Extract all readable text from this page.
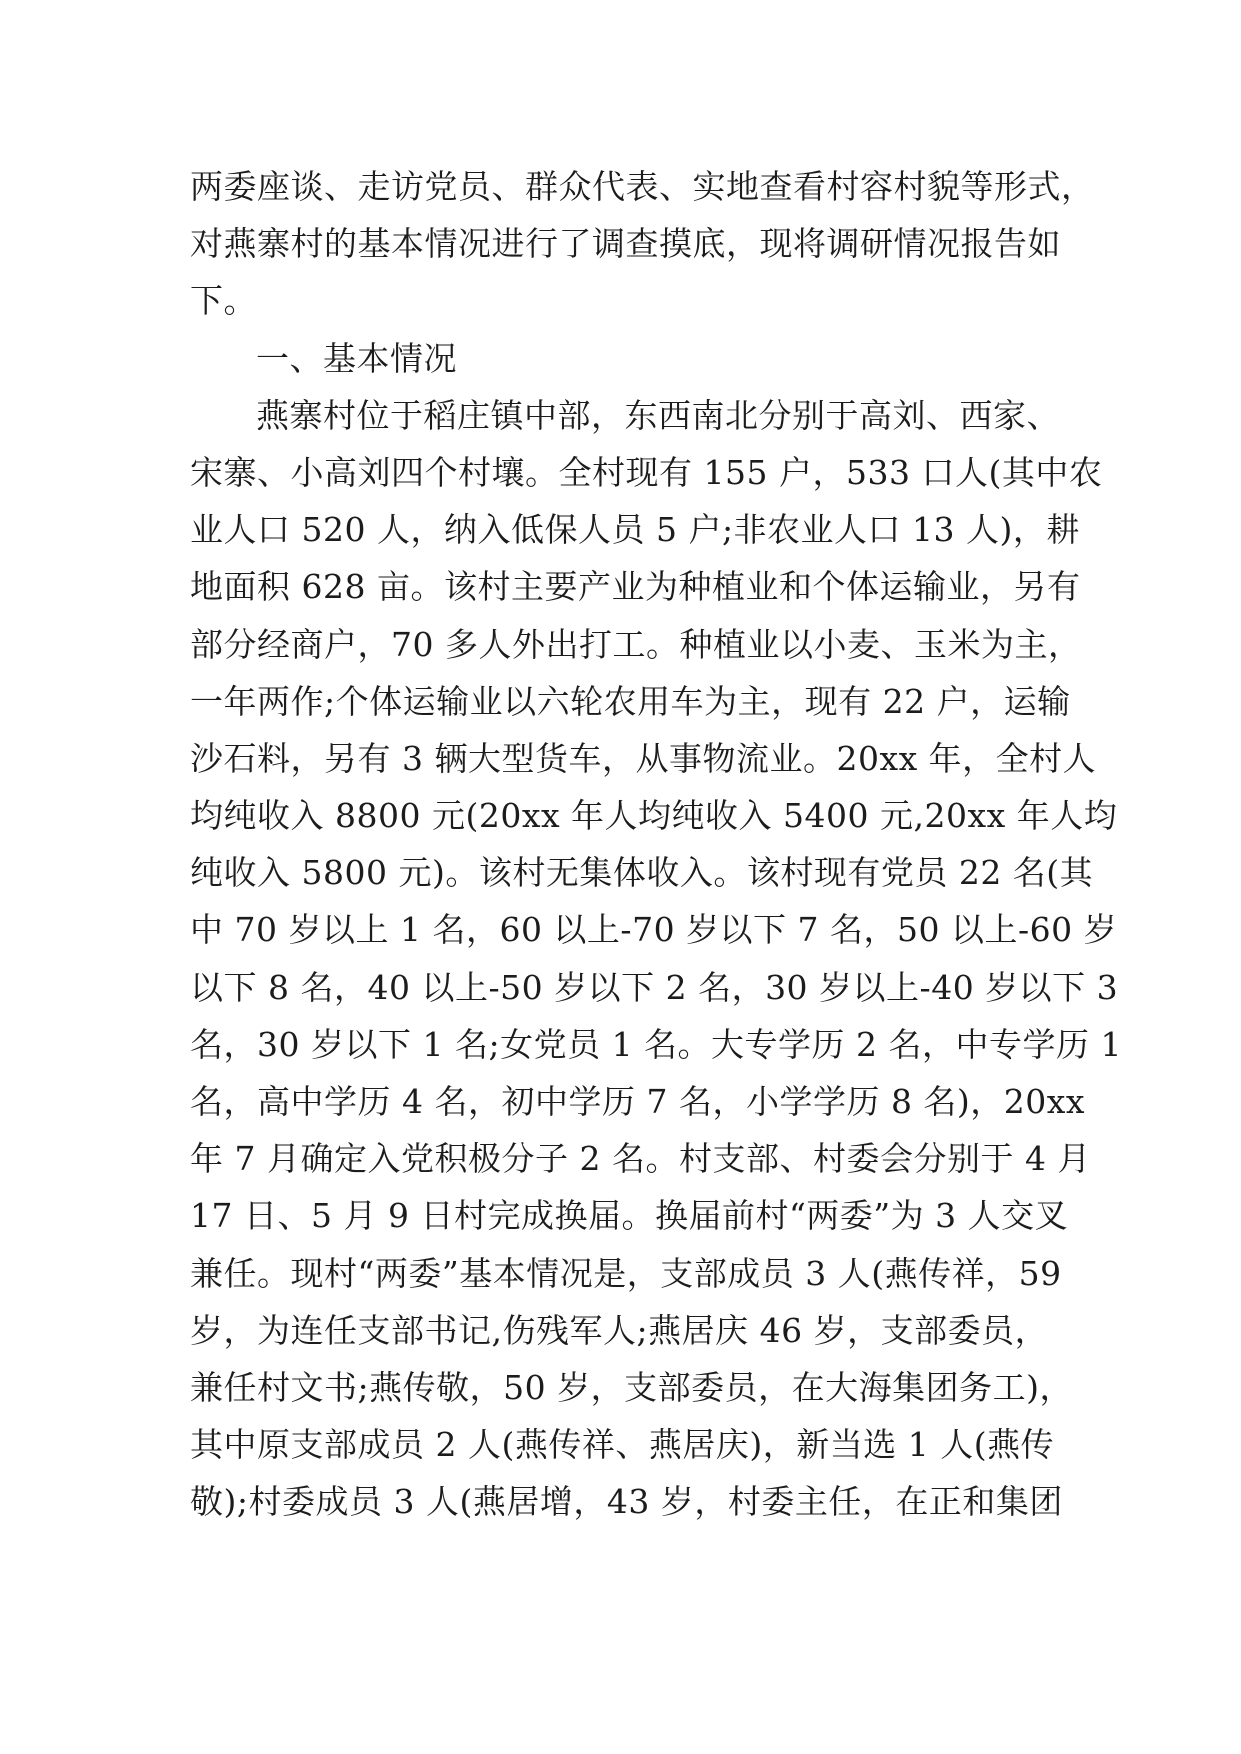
两委座谈、走访党员、群众代表、实地查看村容村貌等形式，
对燕寨村的基本情况进行了调查摸底，现将调研情况报告如
下。
一、基本情况
燕寨村位于稻庄镇中部，东西南北分别于高刘、西家、
宋寨、小高刘四个村壤。全村现有 155 户，533 口人(其中农
业人口 520 人，纳入低保人员 5 户;非农业人口 13 人)，耕
地面积 628 亩。该村主要产业为种植业和个体运输业，另有
部分经商户，70 多人外出打工。种植业以小麦、玉米为主，
一年两作;个体运输业以六轮农用车为主，现有 22 户，运输
沙石料，另有 3 辆大型货车，从事物流业。20xx 年，全村人
均纯收入 8800 元(20xx 年人均纯收入 5400 元,20xx 年人均
纯收入 5800 元)。该村无集体收入。该村现有党员 22 名(其
中 70 岁以上 1 名，60 以上-70 岁以下 7 名，50 以上-60 岁
以下 8 名，40 以上-50 岁以下 2 名，30 岁以上-40 岁以下 3
名，30 岁以下 1 名;女党员 1 名。大专学历 2 名，中专学历 1
名，高中学历 4 名，初中学历 7 名，小学学历 8 名)，20xx
年 7 月确定入党积极分子 2 名。村支部、村委会分别于 4 月
17 日、5 月 9 日村完成换届。换届前村“两委”为 3 人交叉
兼任。现村“两委”基本情况是，支部成员 3 人(燕传祥，59
岁，为连任支部书记,伤残军人;燕居庆 46 岁，支部委员，
兼任村文书;燕传敬，50 岁，支部委员，在大海集团务工)，
其中原支部成员 2 人(燕传祥、燕居庆)，新当选 1 人(燕传
敬);村委成员 3 人(燕居增，43 岁，村委主任，在正和集团
